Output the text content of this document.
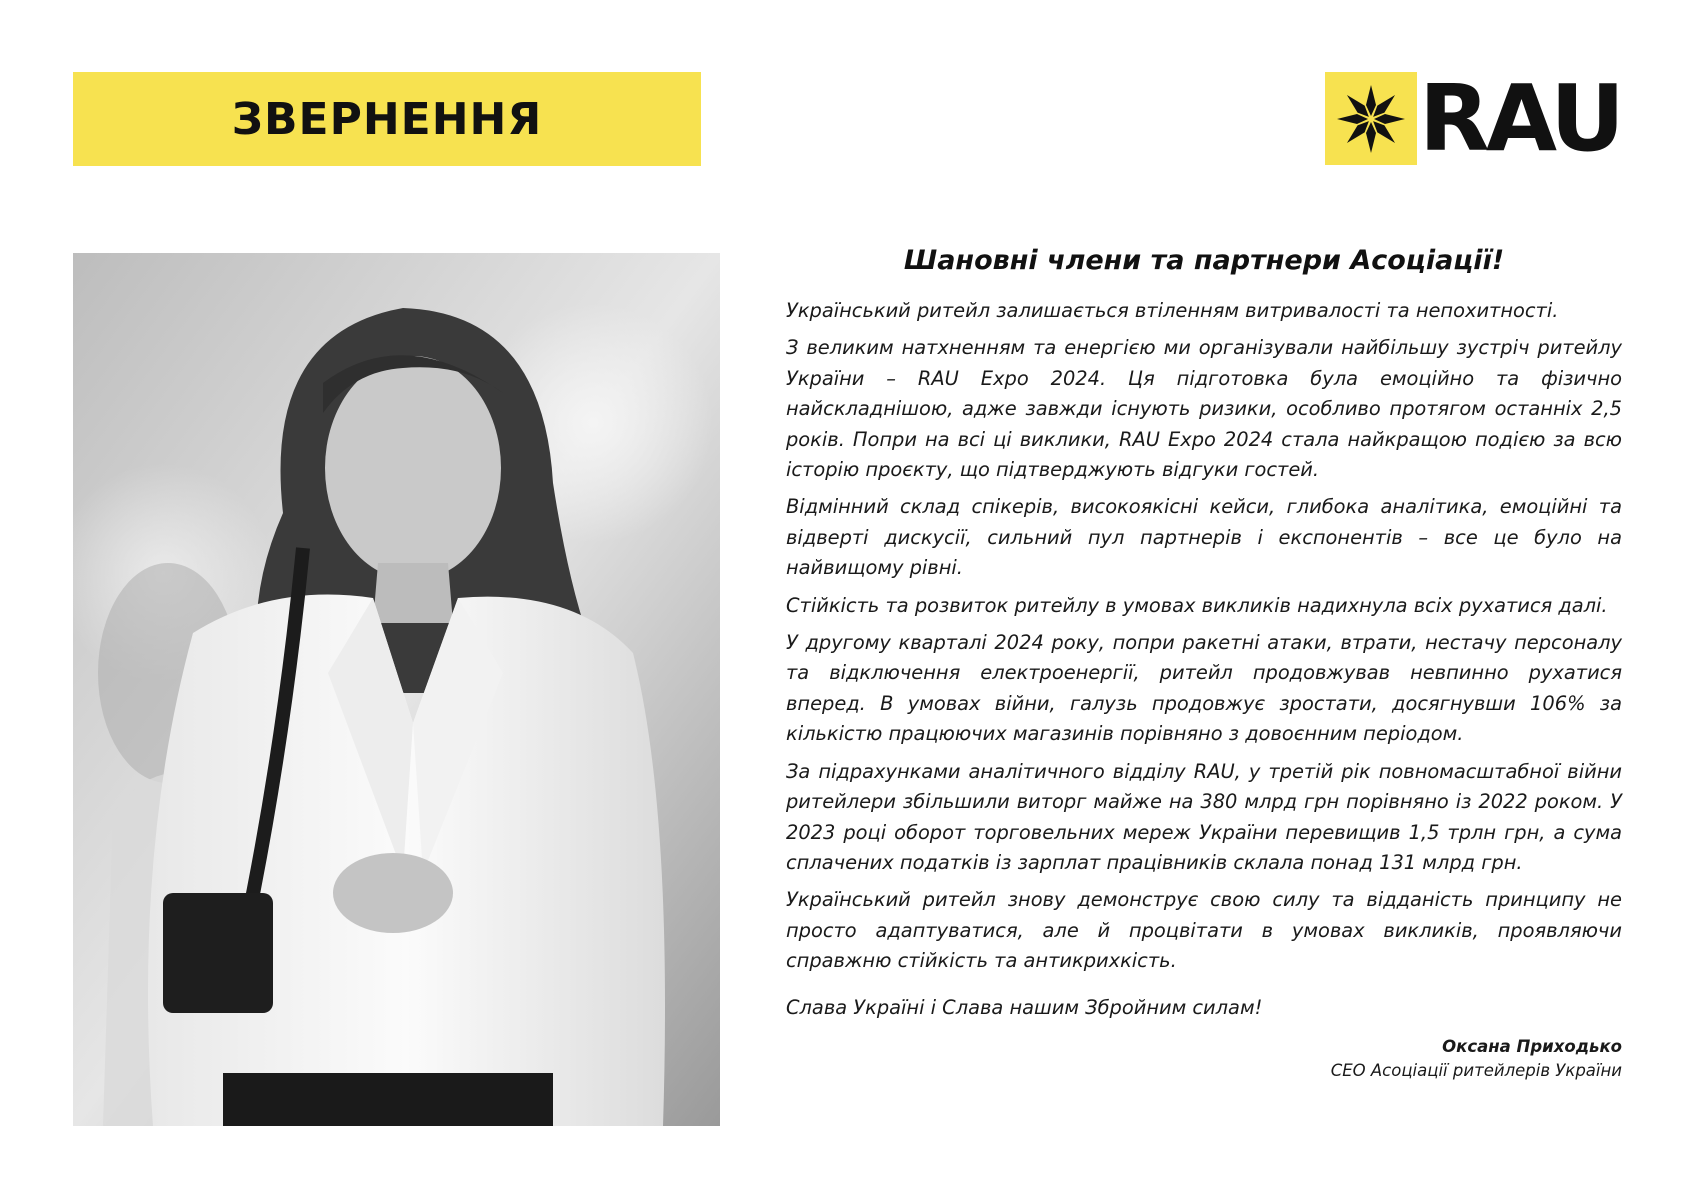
ЗВЕРНЕННЯ	RAU

Шановні члени та партнери Асоціації!

Український ритейл залишається втіленням витривалості та непохитності.

З великим натхненням та енергією ми організували найбільшу зустріч ритейлу України – RAU Expo 2024. Ця підготовка була емоційно та фізично найскладнішою, адже завжди існують ризики, особливо протягом останніх 2,5 років. Попри на всі ці виклики, RAU Expo 2024 стала найкращою подією за всю історію проєкту, що підтверджують відгуки гостей.

Відмінний склад спікерів, високоякісні кейси, глибока аналітика, емоційні та відверті дискусії, сильний пул партнерів і експонентів – все це було на найвищому рівні.

Стійкість та розвиток ритейлу в умовах викликів надихнула всіх рухатися далі.

У другому кварталі 2024 року, попри ракетні атаки, втрати, нестачу персоналу та відключення електроенергії, ритейл продовжував невпинно рухатися вперед. В умовах війни, галузь продовжує зростати, досягнувши 106% за кількістю працюючих магазинів порівняно з довоєнним періодом.

За підрахунками аналітичного відділу RAU, у третій рік повномасштабної війни ритейлери збільшили виторг майже на 380 млрд грн порівняно із 2022 роком. У 2023 році оборот торговельних мереж України перевищив 1,5 трлн грн, а сума сплачених податків із зарплат працівників склала понад 131 млрд грн.

Український ритейл знову демонструє свою силу та відданість принципу не просто адаптуватися, але й процвітати в умовах викликів, проявляючи справжню стійкість та антикрихкість.

Слава Україні і Слава нашим Збройним силам!

Оксана Приходько

CEO Асоціації ритейлерів України
